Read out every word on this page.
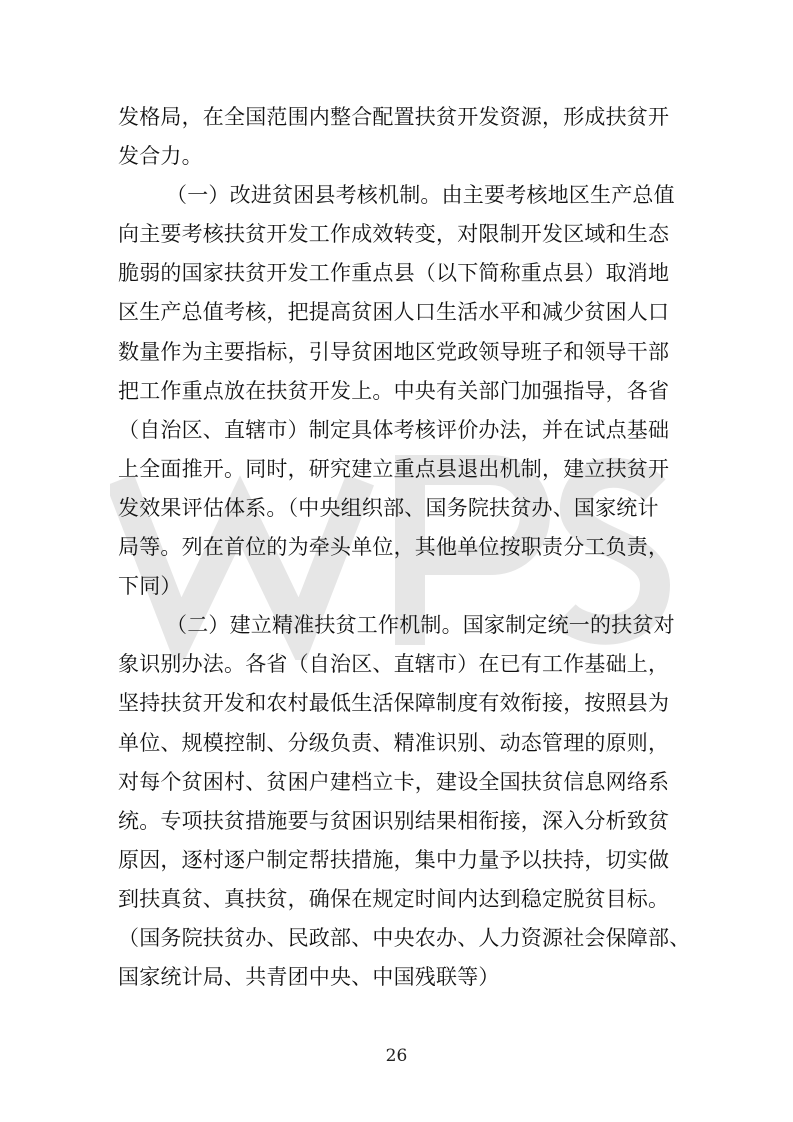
发格局，在全国范围内整合配置扶贫开发资源，形成扶贫开
发合力。
（一）改进贫困县考核机制。由主要考核地区生产总值
向主要考核扶贫开发工作成效转变，对限制开发区域和生态
脆弱的国家扶贫开发工作重点县（以下简称重点县）取消地
区生产总值考核，把提高贫困人口生活水平和减少贫困人口
数量作为主要指标，引导贫困地区党政领导班子和领导干部
把工作重点放在扶贫开发上。中央有关部门加强指导，各省
（自治区、直辖市）制定具体考核评价办法，并在试点基础
上全面推开。同时，研究建立重点县退出机制，建立扶贫开
发效果评估体系。（中央组织部、国务院扶贫办、国家统计
局等。列在首位的为牵头单位，其他单位按职责分工负责，
下同）
（二）建立精准扶贫工作机制。国家制定统一的扶贫对
象识别办法。各省（自治区、直辖市）在已有工作基础上，
坚持扶贫开发和农村最低生活保障制度有效衔接，按照县为
单位、规模控制、分级负责、精准识别、动态管理的原则，
对每个贫困村、贫困户建档立卡，建设全国扶贫信息网络系
统。专项扶贫措施要与贫困识别结果相衔接，深入分析致贫
原因，逐村逐户制定帮扶措施，集中力量予以扶持，切实做
到扶真贫、真扶贫，确保在规定时间内达到稳定脱贫目标。
（国务院扶贫办、民政部、中央农办、人力资源社会保障部、
国家统计局、共青团中央、中国残联等）
26
